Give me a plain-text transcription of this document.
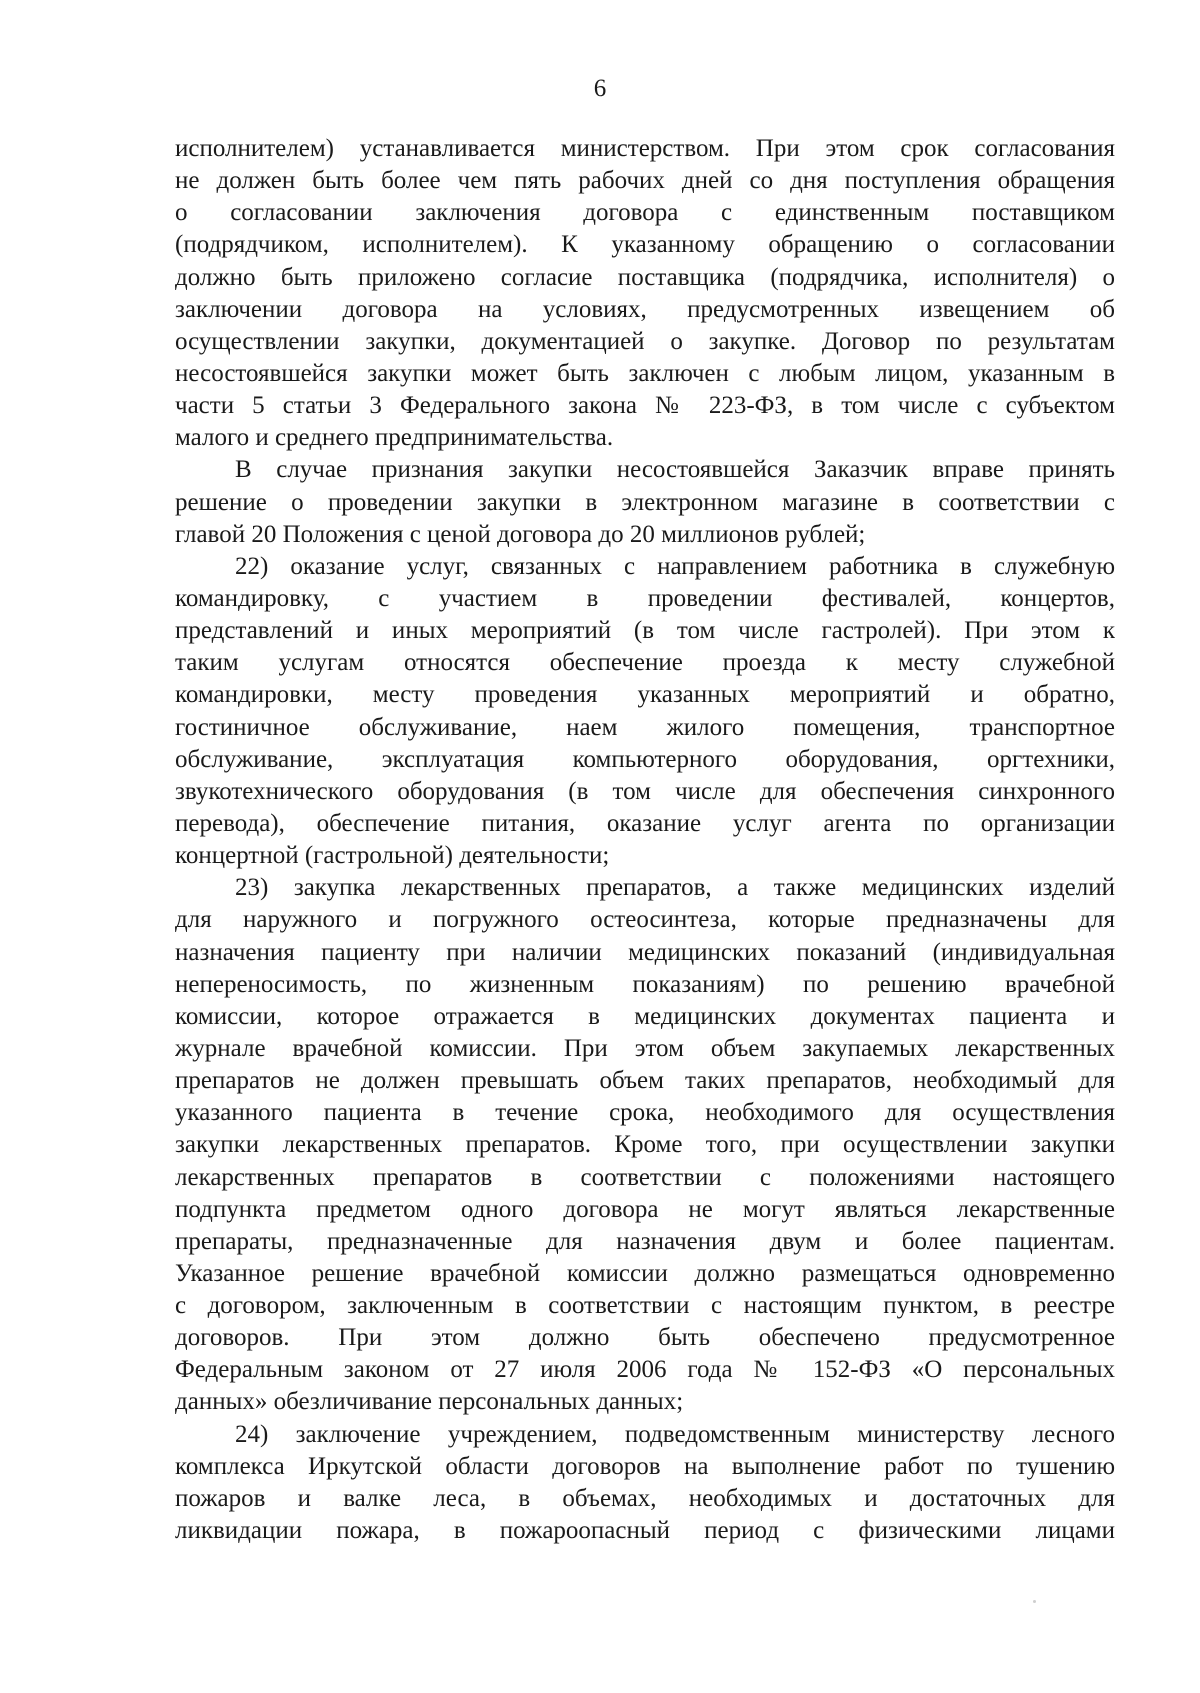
6
исполнителем) устанавливается министерством. При этом срок согласования
не должен быть более чем пять рабочих дней со дня поступления обращения
о согласовании заключения договора с единственным поставщиком
(подрядчиком, исполнителем). К указанному обращению о согласовании
должно быть приложено согласие поставщика (подрядчика, исполнителя) о
заключении договора на условиях, предусмотренных извещением об
осуществлении закупки, документацией о закупке. Договор по результатам
несостоявшейся закупки может быть заключен с любым лицом, указанным в
части 5 статьи 3 Федерального закона № 223-ФЗ, в том числе с субъектом
малого и среднего предпринимательства.
В случае признания закупки несостоявшейся Заказчик вправе принять
решение о проведении закупки в электронном магазине в соответствии с
главой 20 Положения с ценой договора до 20 миллионов рублей;
22) оказание услуг, связанных с направлением работника в служебную
командировку, с участием в проведении фестивалей, концертов,
представлений и иных мероприятий (в том числе гастролей). При этом к
таким услугам относятся обеспечение проезда к месту служебной
командировки, месту проведения указанных мероприятий и обратно,
гостиничное обслуживание, наем жилого помещения, транспортное
обслуживание, эксплуатация компьютерного оборудования, оргтехники,
звукотехнического оборудования (в том числе для обеспечения синхронного
перевода), обеспечение питания, оказание услуг агента по организации
концертной (гастрольной) деятельности;
23) закупка лекарственных препаратов, а также медицинских изделий
для наружного и погружного остеосинтеза, которые предназначены для
назначения пациенту при наличии медицинских показаний (индивидуальная
непереносимость, по жизненным показаниям) по решению врачебной
комиссии, которое отражается в медицинских документах пациента и
журнале врачебной комиссии. При этом объем закупаемых лекарственных
препаратов не должен превышать объем таких препаратов, необходимый для
указанного пациента в течение срока, необходимого для осуществления
закупки лекарственных препаратов. Кроме того, при осуществлении закупки
лекарственных препаратов в соответствии с положениями настоящего
подпункта предметом одного договора не могут являться лекарственные
препараты, предназначенные для назначения двум и более пациентам.
Указанное решение врачебной комиссии должно размещаться одновременно
с договором, заключенным в соответствии с настоящим пунктом, в реестре
договоров. При этом должно быть обеспечено предусмотренное
Федеральным законом от 27 июля 2006 года № 152-ФЗ «О персональных
данных» обезличивание персональных данных;
24) заключение учреждением, подведомственным министерству лесного
комплекса Иркутской области договоров на выполнение работ по тушению
пожаров и валке леса, в объемах, необходимых и достаточных для
ликвидации пожара, в пожароопасный период с физическими лицами
